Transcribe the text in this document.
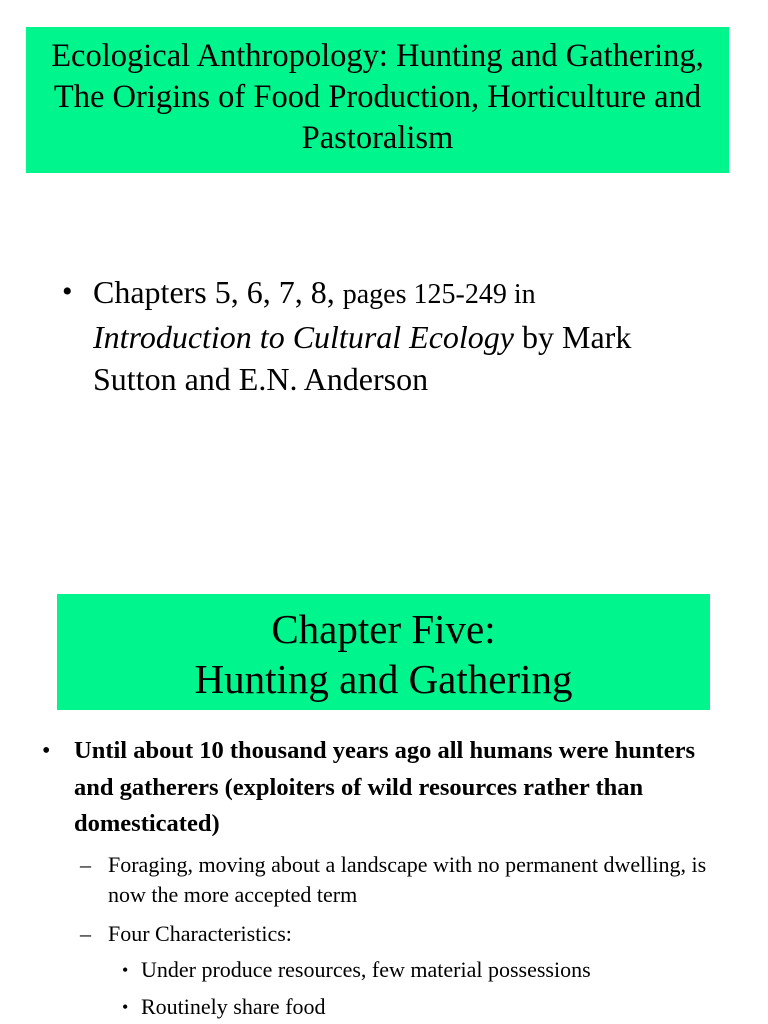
Ecological Anthropology: Hunting and Gathering, The Origins of Food Production, Horticulture and Pastoralism
• Chapters 5, 6, 7, 8, pages 125-249 in
Introduction to Cultural Ecology by Mark Sutton and E.N. Anderson
Chapter Five:
Hunting and Gathering
• Until about 10 thousand years ago all humans were hunters and gatherers (exploiters of wild resources rather than domesticated)
– Foraging, moving about a landscape with no permanent dwelling, is now the more accepted term
– Four Characteristics:
• Under produce resources, few material possessions
• Routinely share food
